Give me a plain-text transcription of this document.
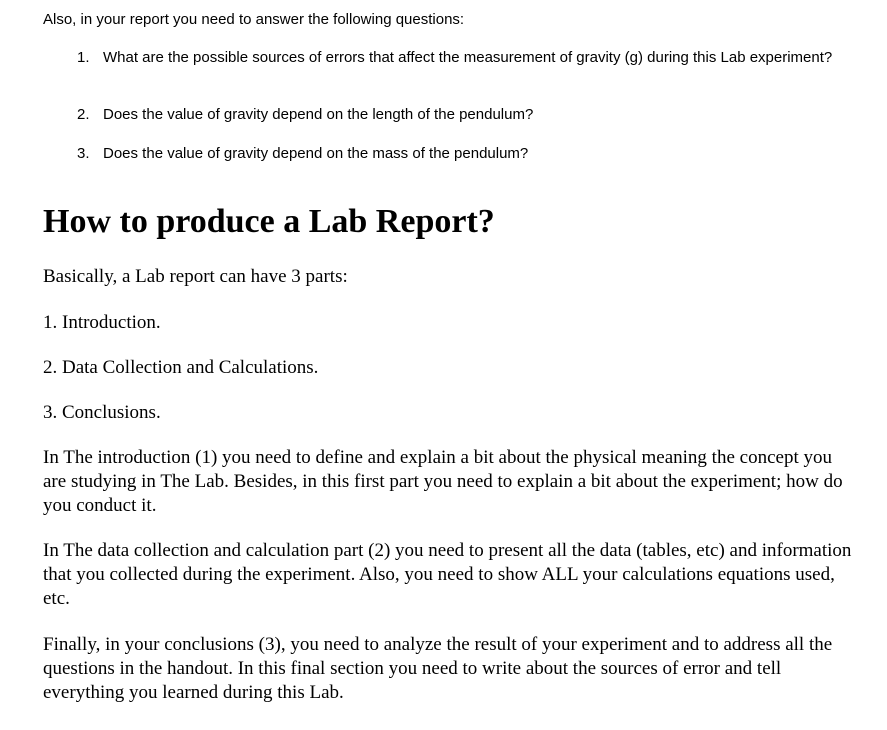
Also, in your report you need to answer the following questions:

1. What are the possible sources of errors that affect the measurement of gravity (g) during this Lab experiment?
2. Does the value of gravity depend on the length of the pendulum?
3. Does the value of gravity depend on the mass of the pendulum?
How to produce a Lab Report?

Basically, a Lab report can have 3 parts:

1. Introduction.

2. Data Collection and Calculations.

3. Conclusions.

In The introduction (1) you need to define and explain a bit about the physical meaning the concept you are studying in The Lab. Besides, in this first part you need to explain a bit about the experiment; how do you conduct it.

In The data collection and calculation part (2) you need to present all the data (tables, etc) and information that you collected during the experiment. Also, you need to show ALL your calculations equations used, etc.

Finally, in your conclusions (3), you need to analyze the result of your experiment and to address all the questions in the handout. In this final section you need to write about the sources of error and tell everything you learned during this Lab.
